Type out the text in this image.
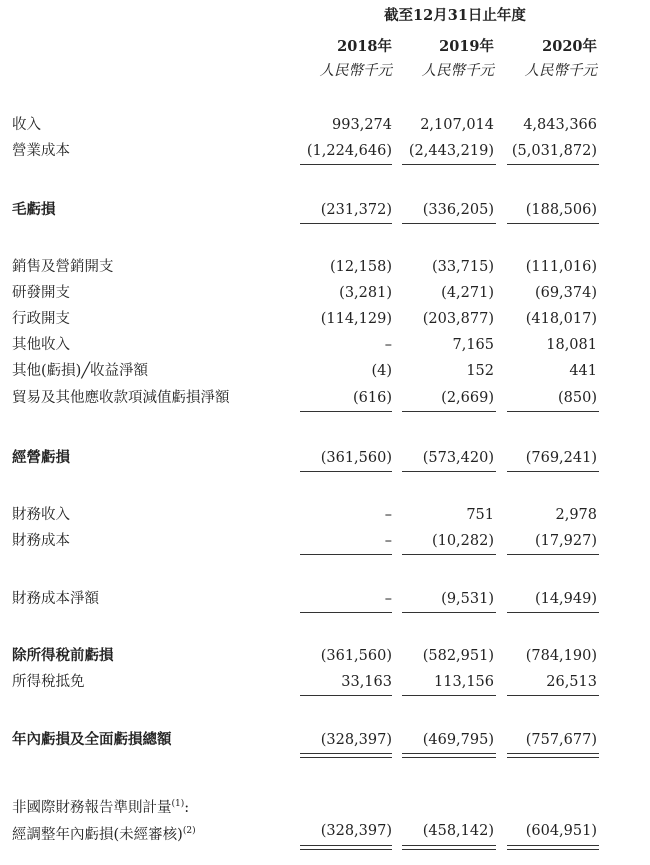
截至12月31日止年度
2018年	2019年	2020年
人民幣千元	人民幣千元	人民幣千元
收入	993,274	2,107,014	4,843,366
營業成本	(1,224,646)	(2,443,219)	(5,031,872)
毛虧損	(231,372)	(336,205)	(188,506)
銷售及營銷開支	(12,158)	(33,715)	(111,016)
研發開支	(3,281)	(4,271)	(69,374)
行政開支	(114,129)	(203,877)	(418,017)
其他收入	–	7,165	18,081
其他(虧損)╱收益淨額	(4)	152	441
貿易及其他應收款項減值虧損淨額	(616)	(2,669)	(850)
經營虧損	(361,560)	(573,420)	(769,241)
財務收入	–	751	2,978
財務成本	–	(10,282)	(17,927)
財務成本淨額	–	(9,531)	(14,949)
除所得稅前虧損	(361,560)	(582,951)	(784,190)
所得稅抵免	33,163	113,156	26,513
年內虧損及全面虧損總額	(328,397)	(469,795)	(757,677)
非國際財務報告準則計量$^{(1)}$:
經調整年內虧損(未經審核)$^{(2)}$	(328,397)	(458,142)	(604,951)
